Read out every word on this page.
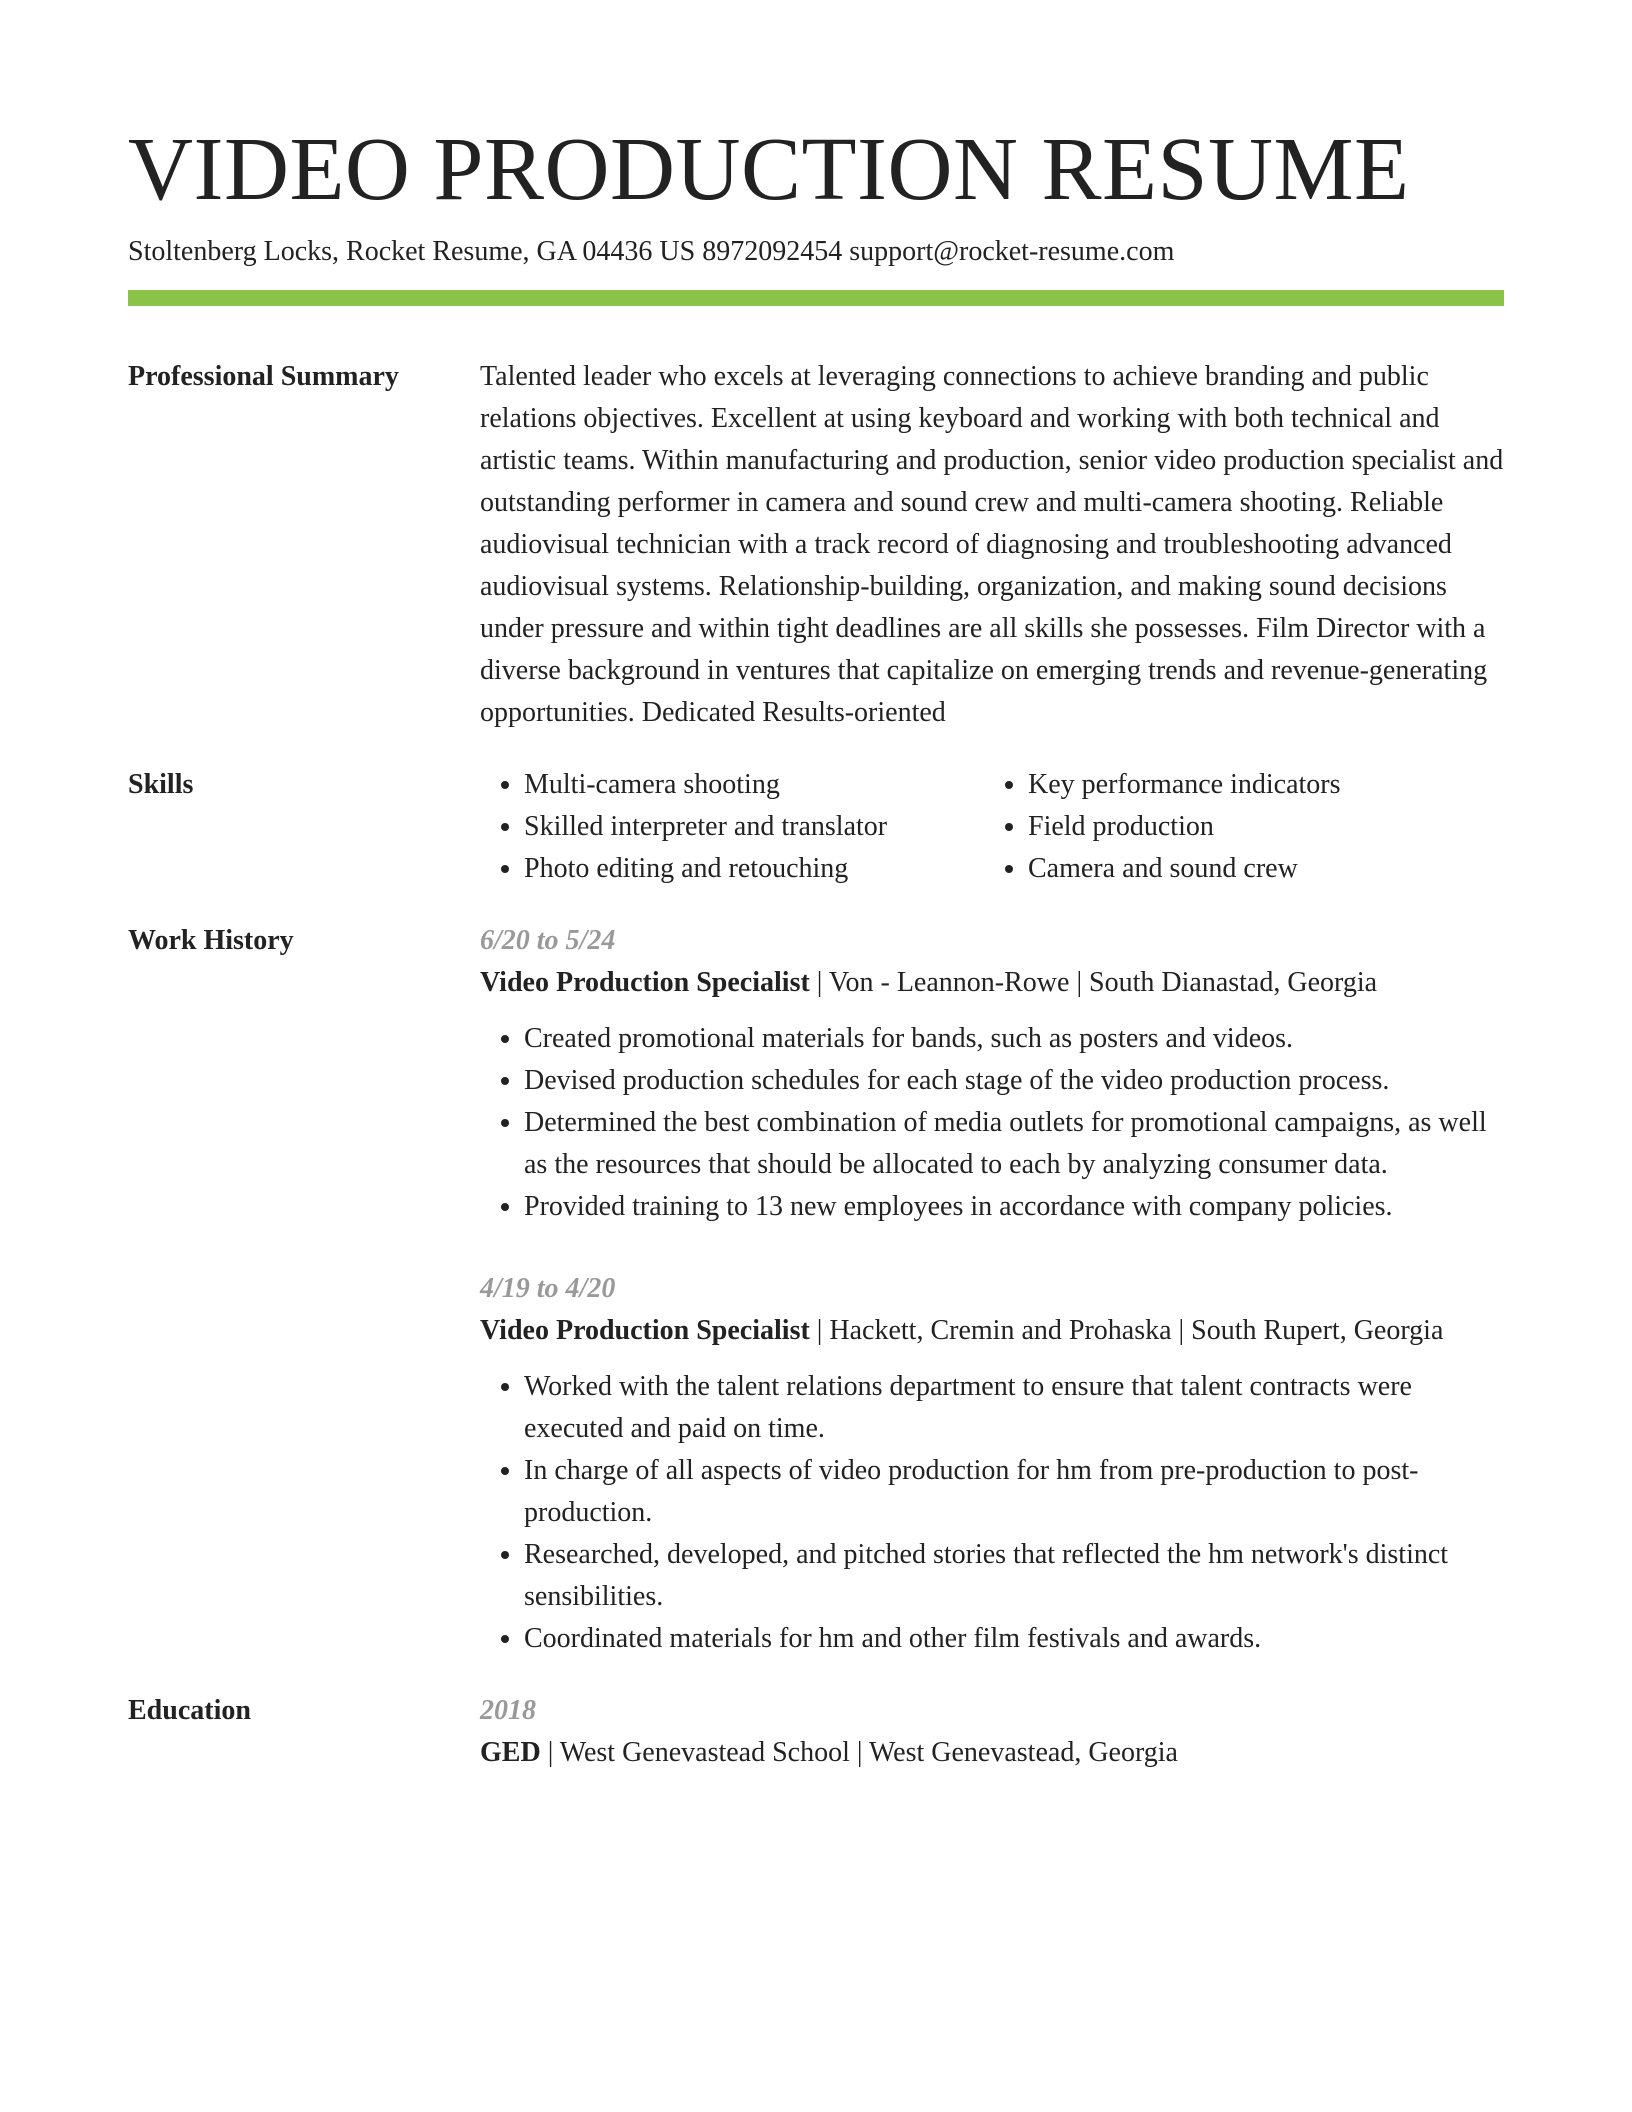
VIDEO PRODUCTION RESUME
Stoltenberg Locks, Rocket Resume, GA 04436 US 8972092454 support@rocket-resume.com
Professional Summary	Talented leader who excels at leveraging connections to achieve branding and public relations objectives. Excellent at using keyboard and working with both technical and artistic teams. Within manufacturing and production, senior video production specialist and outstanding performer in camera and sound crew and multi-camera shooting. Reliable audiovisual technician with a track record of diagnosing and troubleshooting advanced audiovisual systems. Relationship-building, organization, and making sound decisions under pressure and within tight deadlines are all skills she possesses. Film Director with a diverse background in ventures that capitalize on emerging trends and revenue-generating opportunities. Dedicated Results-oriented

Skills
•	Multi-camera shooting
• Skilled interpreter and translator
• Photo editing and retouching
• Key performance indicators
• Field production
• Camera and sound crew
Work History	6/20 to 5/24
Video Production Specialist | Von - Leannon-Rowe | South Dianastad, Georgia
• Created promotional materials for bands, such as posters and videos.
• Devised production schedules for each stage of the video production process.
• Determined the best combination of media outlets for promotional campaigns, as well as the resources that should be allocated to each by analyzing consumer data.
• Provided training to 13 new employees in accordance with company policies.
4/19 to 4/20
Video Production Specialist | Hackett, Cremin and Prohaska | South Rupert, Georgia
• Worked with the talent relations department to ensure that talent contracts were executed and paid on time.
• In charge of all aspects of video production for hm from pre-production to post-production.
• Researched, developed, and pitched stories that reflected the hm network's distinct sensibilities.
• Coordinated materials for hm and other film festivals and awards.
Education	2018
GED | West Genevastead School | West Genevastead, Georgia
